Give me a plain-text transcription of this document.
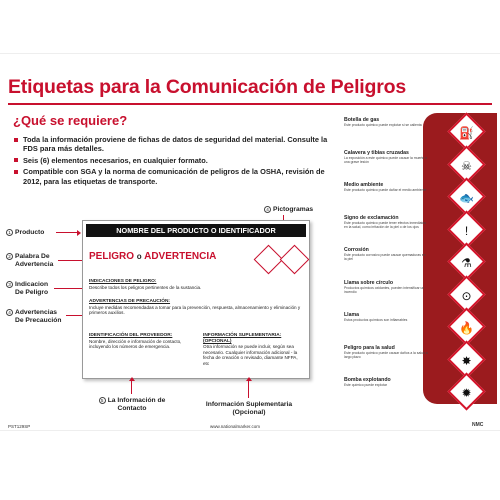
Etiquetas para la Comunicación de Peligros
¿Qué se requiere?
Toda la información proviene de fichas de datos de seguridad del material. Consulte la FDS para más detalles.
Seis (6) elementos necesarios, en cualquier formato.
Compatible con SGA y la norma de comunicación de peligros de la OSHA, revisión de 2012, para las etiquetas de transporte.
1 Producto
2 Palabra De
Advertencia
3 Indicacion
De Peligro
4 Advertencias
De Precaución
4 Pictogramas
NOMBRE DEL PRODUCTO O IDENTIFICADOR
PELIGRO o ADVERTENCIA
INDICACIONES DE PELIGRO:
Describe todos los peligros pertinentes de la sustancia.
ADVERTENCIAS DE PRECAUCIÓN:
Incluye medidas recomendadas a tomar para la prevención, respuesta, almacenamiento y eliminación y primeros auxilios.
IDENTIFICACIÓN DEL PROVEEDOR:
Nombre, dirección e información de contacto, incluyendo los números de emergencia.
INFORMACIÓN SUPLEMENTARIA: (OPCIONAL)
Otra información se puede incluir, según sea necesario. Cualquier información adicional - la fecha de creación o revisado, diamante NFPA, etc
5 La Información de
Contacto
Información Suplementaria
(Opcional)
Botella de gas
Este producto químico puede explotar si se calienta
Calavera y tibias cruzadas
La exposición a este químico puede causar la muerte o una grave lesión
Medio ambiente
Este producto químico puede dañar el medio ambiente
Signo de exclamación
Este producto químico puede tener efectos inmediatos en la salud, como irritación de la piel o de los ojos
Corrosión
Este producto corrosivo puede causar quemaduras en la piel
Llama sobre círculo
Productos químicos oxidantes, pueden intensificar un incendio
Llama
Estos productos químicos son inflamables
Peligro para la salud
Este producto químico puede causar daños a la salud a largo plazo
Bomba explotando
Este químico puede explotar
PST129SP	www.nationalmarker.com	NMC
⛽
☠
🐟
!
⚗
⊙
🔥
✸
✹
